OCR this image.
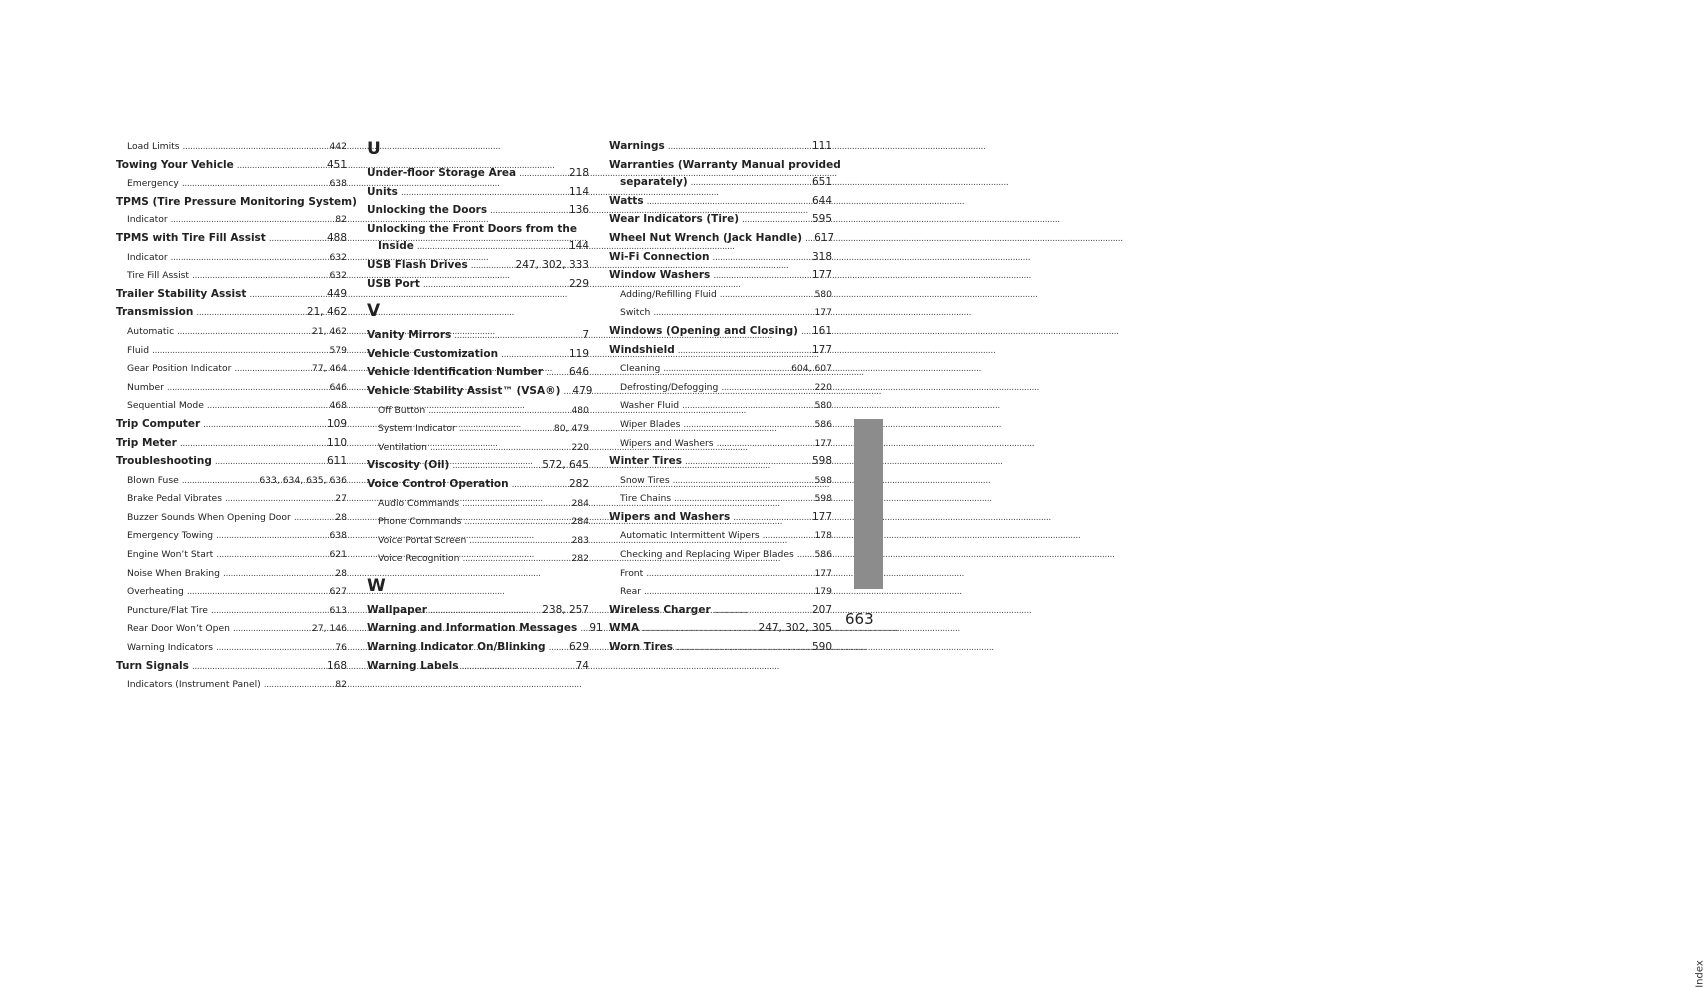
Load Limits . . .	442
Towing Your Vehicle . . .	451
Emergency . . .	638
TPMS (Tire Pressure Monitoring System)
Indicator . . .	82
TPMS with Tire Fill Assist . . .	488
Indicator . . .	632
Tire Fill Assist . . .	632
Trailer Stability Assist . . .	449
Transmission . . .	21, 462
Automatic . . .	21, 462
Fluid . . .	579
Gear Position Indicator . . .	77, 464
Number . . .	646
Sequential Mode . . .	468
Trip Computer . . .	109
Trip Meter . . .	110
Troubleshooting . . .	611
Blown Fuse . . .	633, 634, 635, 636
Brake Pedal Vibrates . . .	27
Buzzer Sounds When Opening Door . . .	28
Emergency Towing . . .	638
Engine Won’t Start . . .	621
Noise When Braking . . .	28
Overheating . . .	627
Puncture/Flat Tire . . .	613
Rear Door Won’t Open . . .	27, 146
Warning Indicators . . .	76
Turn Signals . . .	168
Indicators (Instrument Panel) . . .	82
U
Under-floor Storage Area . . .	218
Units . . .	114
Unlocking the Doors . . .	136
Unlocking the Front Doors from the
Inside . . .	144
USB Flash Drives . . .	247, 302, 333
USB Port . . .	229
V
Vanity Mirrors . . .	7
Vehicle Customization . . .	119
Vehicle Identification Number . . . 646
Vehicle Stability Assist™ (VSA®) . . . 479
Off Button . . .	480
System Indicator . . .	80, 479
Ventilation . . .	220
Viscosity (Oil) . . .	572, 645
Voice Control Operation . . .	282
Audio Commands . . .	284
Phone Commands . . .	284
Voice Portal Screen . . .	283
Voice Recognition . . .	282
W
Wallpaper . . .	238, 257
Warning and Information Messages . . . 91
Warning Indicator On/Blinking . . . 629
Warning Labels . . .	74
Warnings . . .	111
Warranties (Warranty Manual provided
separately) . . .	651
Watts . . .	644
Wear Indicators (Tire) . . .	595
Wheel Nut Wrench (Jack Handle) . . . 617
Wi-Fi Connection . . .	318
Window Washers . . .	177
Adding/Refilling Fluid . . .	580
Switch . . .	177
Windows (Opening and Closing) . . . 161
Windshield . . .	177
Cleaning . . .	604, 607
Defrosting/Defogging . . .	220
Washer Fluid . . .	580
Wiper Blades . . .	586
Wipers and Washers . . .	177
Winter Tires . . .	598
Snow Tires . . .	598
Tire Chains . . .	598
Wipers and Washers . . .	177
Automatic Intermittent Wipers . . .	178
Checking and Replacing Wiper Blades . . . 586
Front . . .	177
Rear . . .	179
Wireless Charger . . .	207
WMA . . .	247, 302, 305
Worn Tires . . .	590
Index
663
